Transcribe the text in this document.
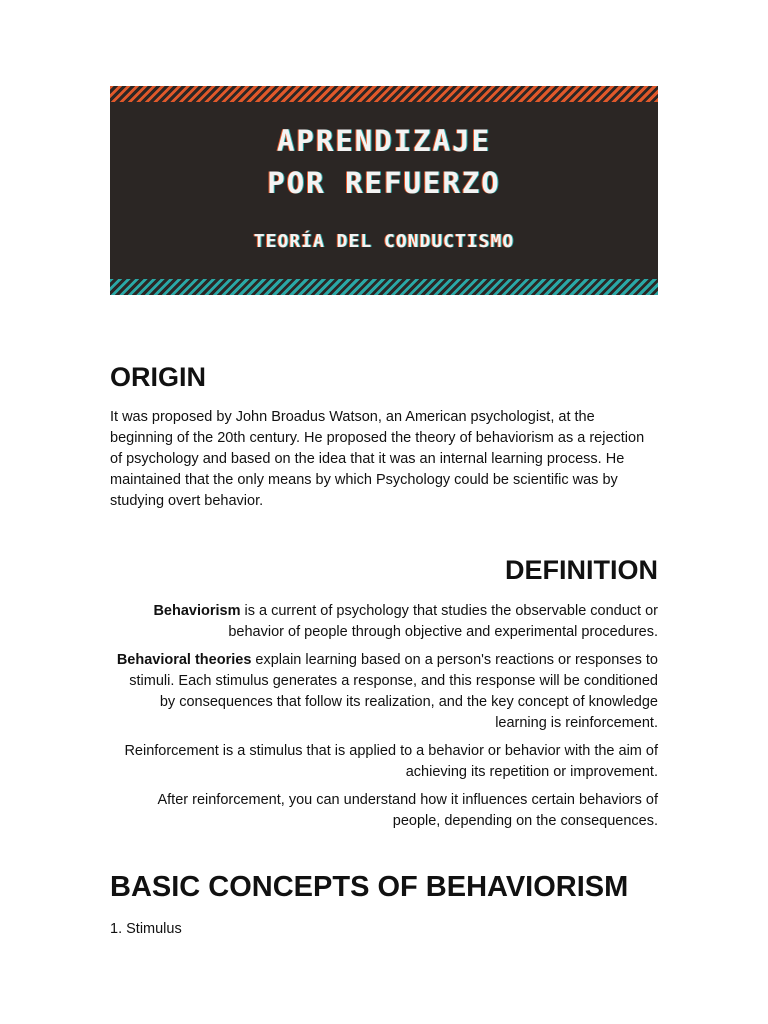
APRENDIZAJE
POR REFUERZO
TEORÍA DEL CONDUCTISMO
ORIGIN

It was proposed by John Broadus Watson, an American psychologist, at the beginning of the 20th century. He proposed the theory of behaviorism as a rejection of psychology and based on the idea that it was an internal learning process. He maintained that the only means by which Psychology could be scientific was by studying overt behavior.

DEFINITION

Behaviorism is a current of psychology that studies the observable conduct or behavior of people through objective and experimental procedures.

Behavioral theories explain learning based on a person's reactions or responses to stimuli. Each stimulus generates a response, and this response will be conditioned by consequences that follow its realization, and the key concept of knowledge learning is reinforcement.

Reinforcement is a stimulus that is applied to a behavior or behavior with the aim of achieving its repetition or improvement.

After reinforcement, you can understand how it influences certain behaviors of people, depending on the consequences.

BASIC CONCEPTS OF BEHAVIORISM

1. Stimulus
